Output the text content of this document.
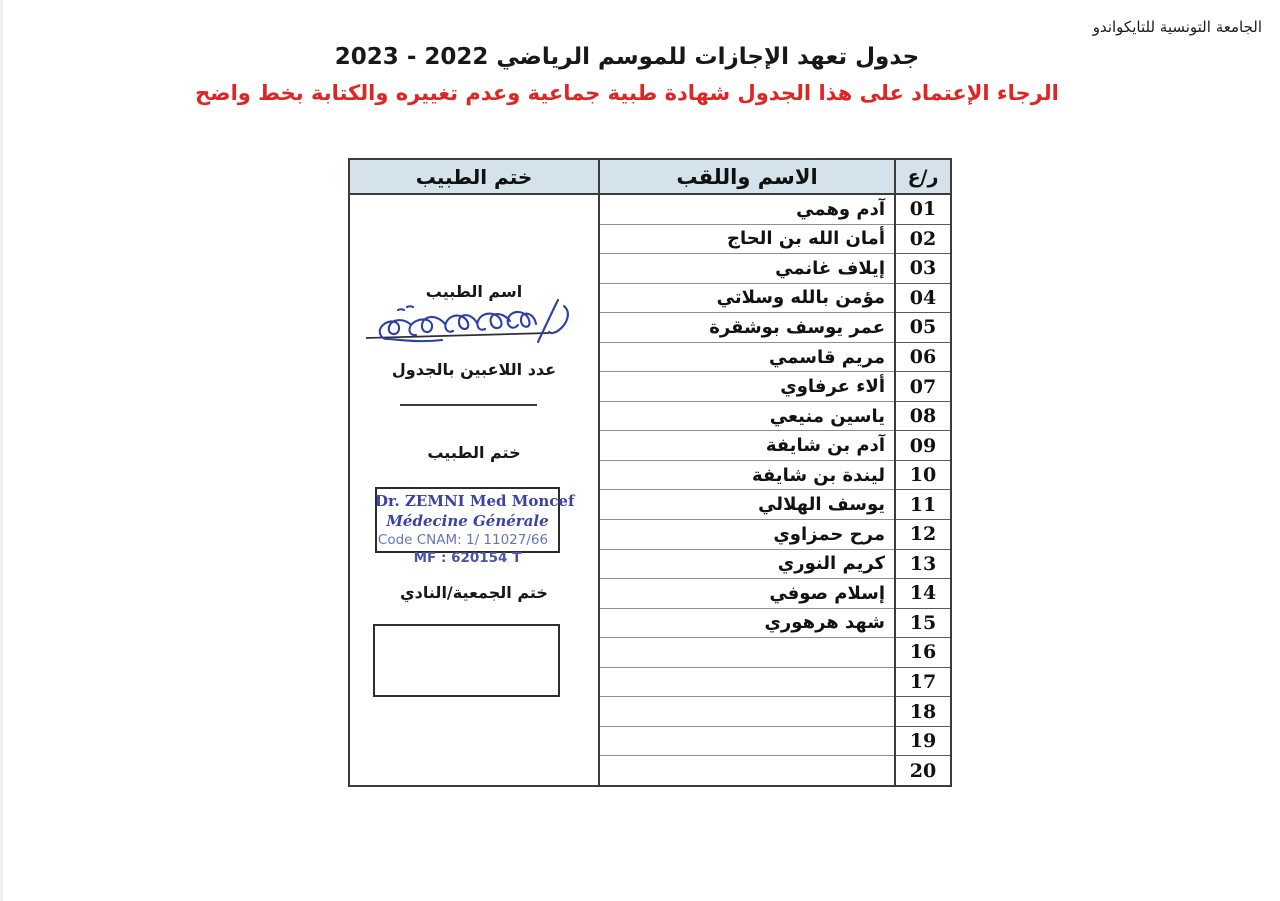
الجامعة التونسية للتايكواندو
جدول تعهد الإجازات للموسم الرياضي 2022 - 2023
الرجاء الإعتماد على هذا الجدول شهادة طبية جماعية وعدم تغييره والكتابة بخط واضح
ختم الطبيب
اسم الطبيب
عدد اللاعبين بالجدول
ختم الطبيب
Dr. ZEMNI Med Moncef
Médecine Générale
Code CNAM: 1/ 11027/66
MF : 620154 T
ختم الجمعية/النادي
الاسم واللقب
آدم وهمي
أمان الله بن الحاج
إيلاف غانمي
مؤمن بالله وسلاتي
عمر يوسف بوشقرة
مريم قاسمي
ألاء عرفاوي
ياسين منيعي
آدم بن شايفة
ليندة بن شايفة
يوسف الهلالي
مرح حمزاوي
كريم النوري
إسلام صوفي
شهد هرهوري
ر/ع
01
02
03
04
05
06
07
08
09
10
11
12
13
14
15
16
17
18
19
20
